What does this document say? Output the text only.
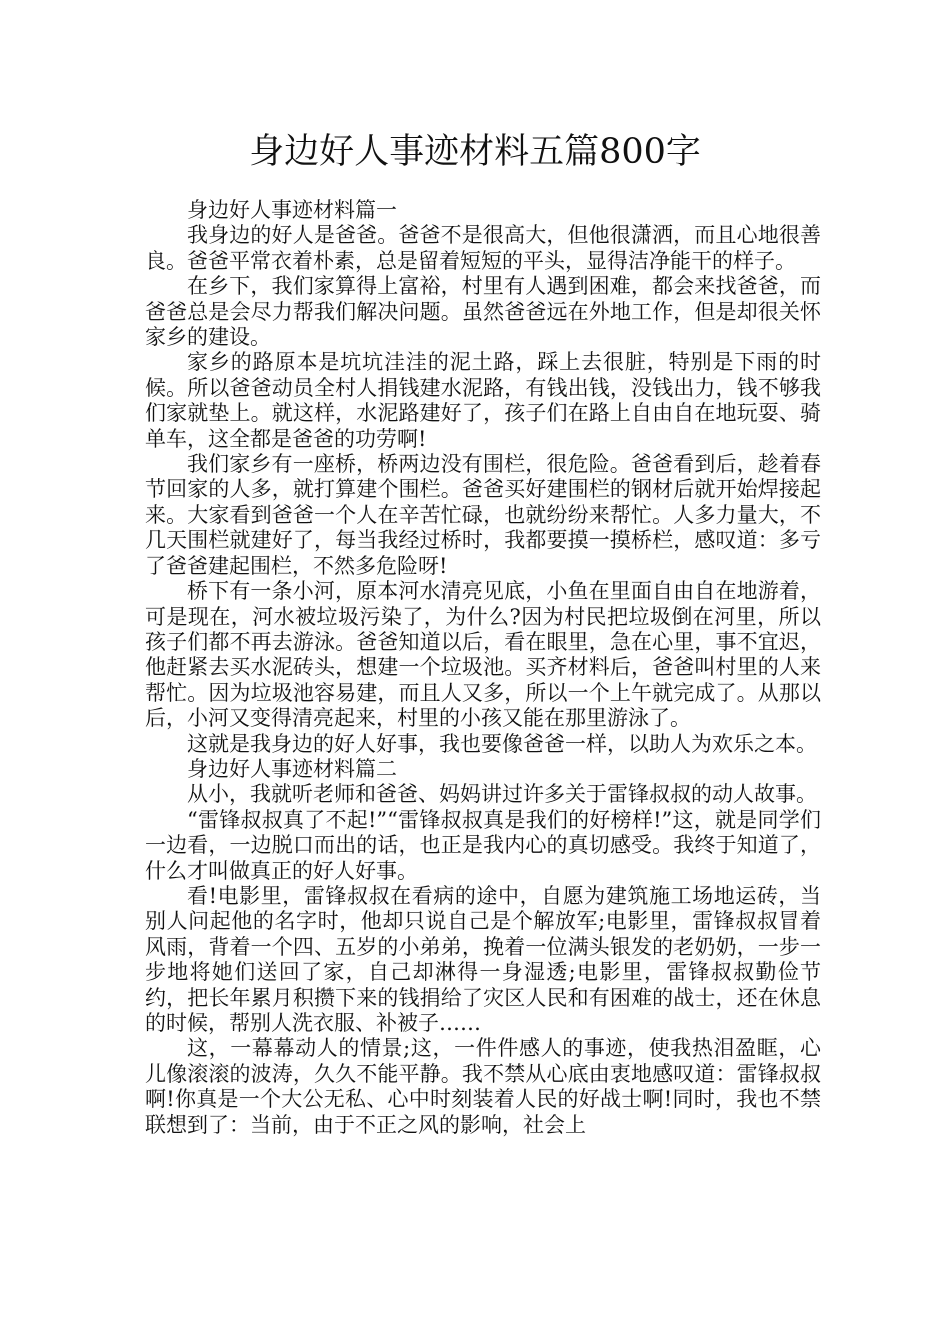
身边好人事迹材料五篇800字

身边好人事迹材料篇一

我身边的好人是爸爸。爸爸不是很高大，但他很潇洒，而且心地很善良。爸爸平常衣着朴素，总是留着短短的平头，显得洁净能干的样子。

在乡下，我们家算得上富裕，村里有人遇到困难，都会来找爸爸，而爸爸总是会尽力帮我们解决问题。虽然爸爸远在外地工作，但是却很关怀家乡的建设。

家乡的路原本是坑坑洼洼的泥土路，踩上去很脏，特别是下雨的时候。所以爸爸动员全村人捐钱建水泥路，有钱出钱，没钱出力，钱不够我们家就垫上。就这样，水泥路建好了，孩子们在路上自由自在地玩耍、骑单车，这全都是爸爸的功劳啊!

我们家乡有一座桥，桥两边没有围栏，很危险。爸爸看到后，趁着春节回家的人多，就打算建个围栏。爸爸买好建围栏的钢材后就开始焊接起来。大家看到爸爸一个人在辛苦忙碌，也就纷纷来帮忙。人多力量大，不几天围栏就建好了，每当我经过桥时，我都要摸一摸桥栏，感叹道：多亏了爸爸建起围栏，不然多危险呀!

桥下有一条小河，原本河水清亮见底，小鱼在里面自由自在地游着，可是现在，河水被垃圾污染了，为什么?因为村民把垃圾倒在河里，所以孩子们都不再去游泳。爸爸知道以后，看在眼里，急在心里，事不宜迟，他赶紧去买水泥砖头，想建一个垃圾池。买齐材料后，爸爸叫村里的人来帮忙。因为垃圾池容易建，而且人又多，所以一个上午就完成了。从那以后，小河又变得清亮起来，村里的小孩又能在那里游泳了。

这就是我身边的好人好事，我也要像爸爸一样，以助人为欢乐之本。

身边好人事迹材料篇二

从小，我就听老师和爸爸、妈妈讲过许多关于雷锋叔叔的动人故事。

“雷锋叔叔真了不起!”“雷锋叔叔真是我们的好榜样!”这，就是同学们一边看，一边脱口而出的话，也正是我内心的真切感受。我终于知道了，什么才叫做真正的好人好事。

看!电影里，雷锋叔叔在看病的途中，自愿为建筑施工场地运砖，当别人问起他的名字时，他却只说自己是个解放军;电影里，雷锋叔叔冒着风雨，背着一个四、五岁的小弟弟，挽着一位满头银发的老奶奶，一步一步地将她们送回了家，自己却淋得一身湿透;电影里，雷锋叔叔勤俭节约，把长年累月积攒下来的钱捐给了灾区人民和有困难的战士，还在休息的时候，帮别人洗衣服、补被子……

这，一幕幕动人的情景;这，一件件感人的事迹，使我热泪盈眶，心儿像滚滚的波涛，久久不能平静。我不禁从心底由衷地感叹道：雷锋叔叔啊!你真是一个大公无私、心中时刻装着人民的好战士啊!同时，我也不禁联想到了：当前，由于不正之风的影响，社会上
